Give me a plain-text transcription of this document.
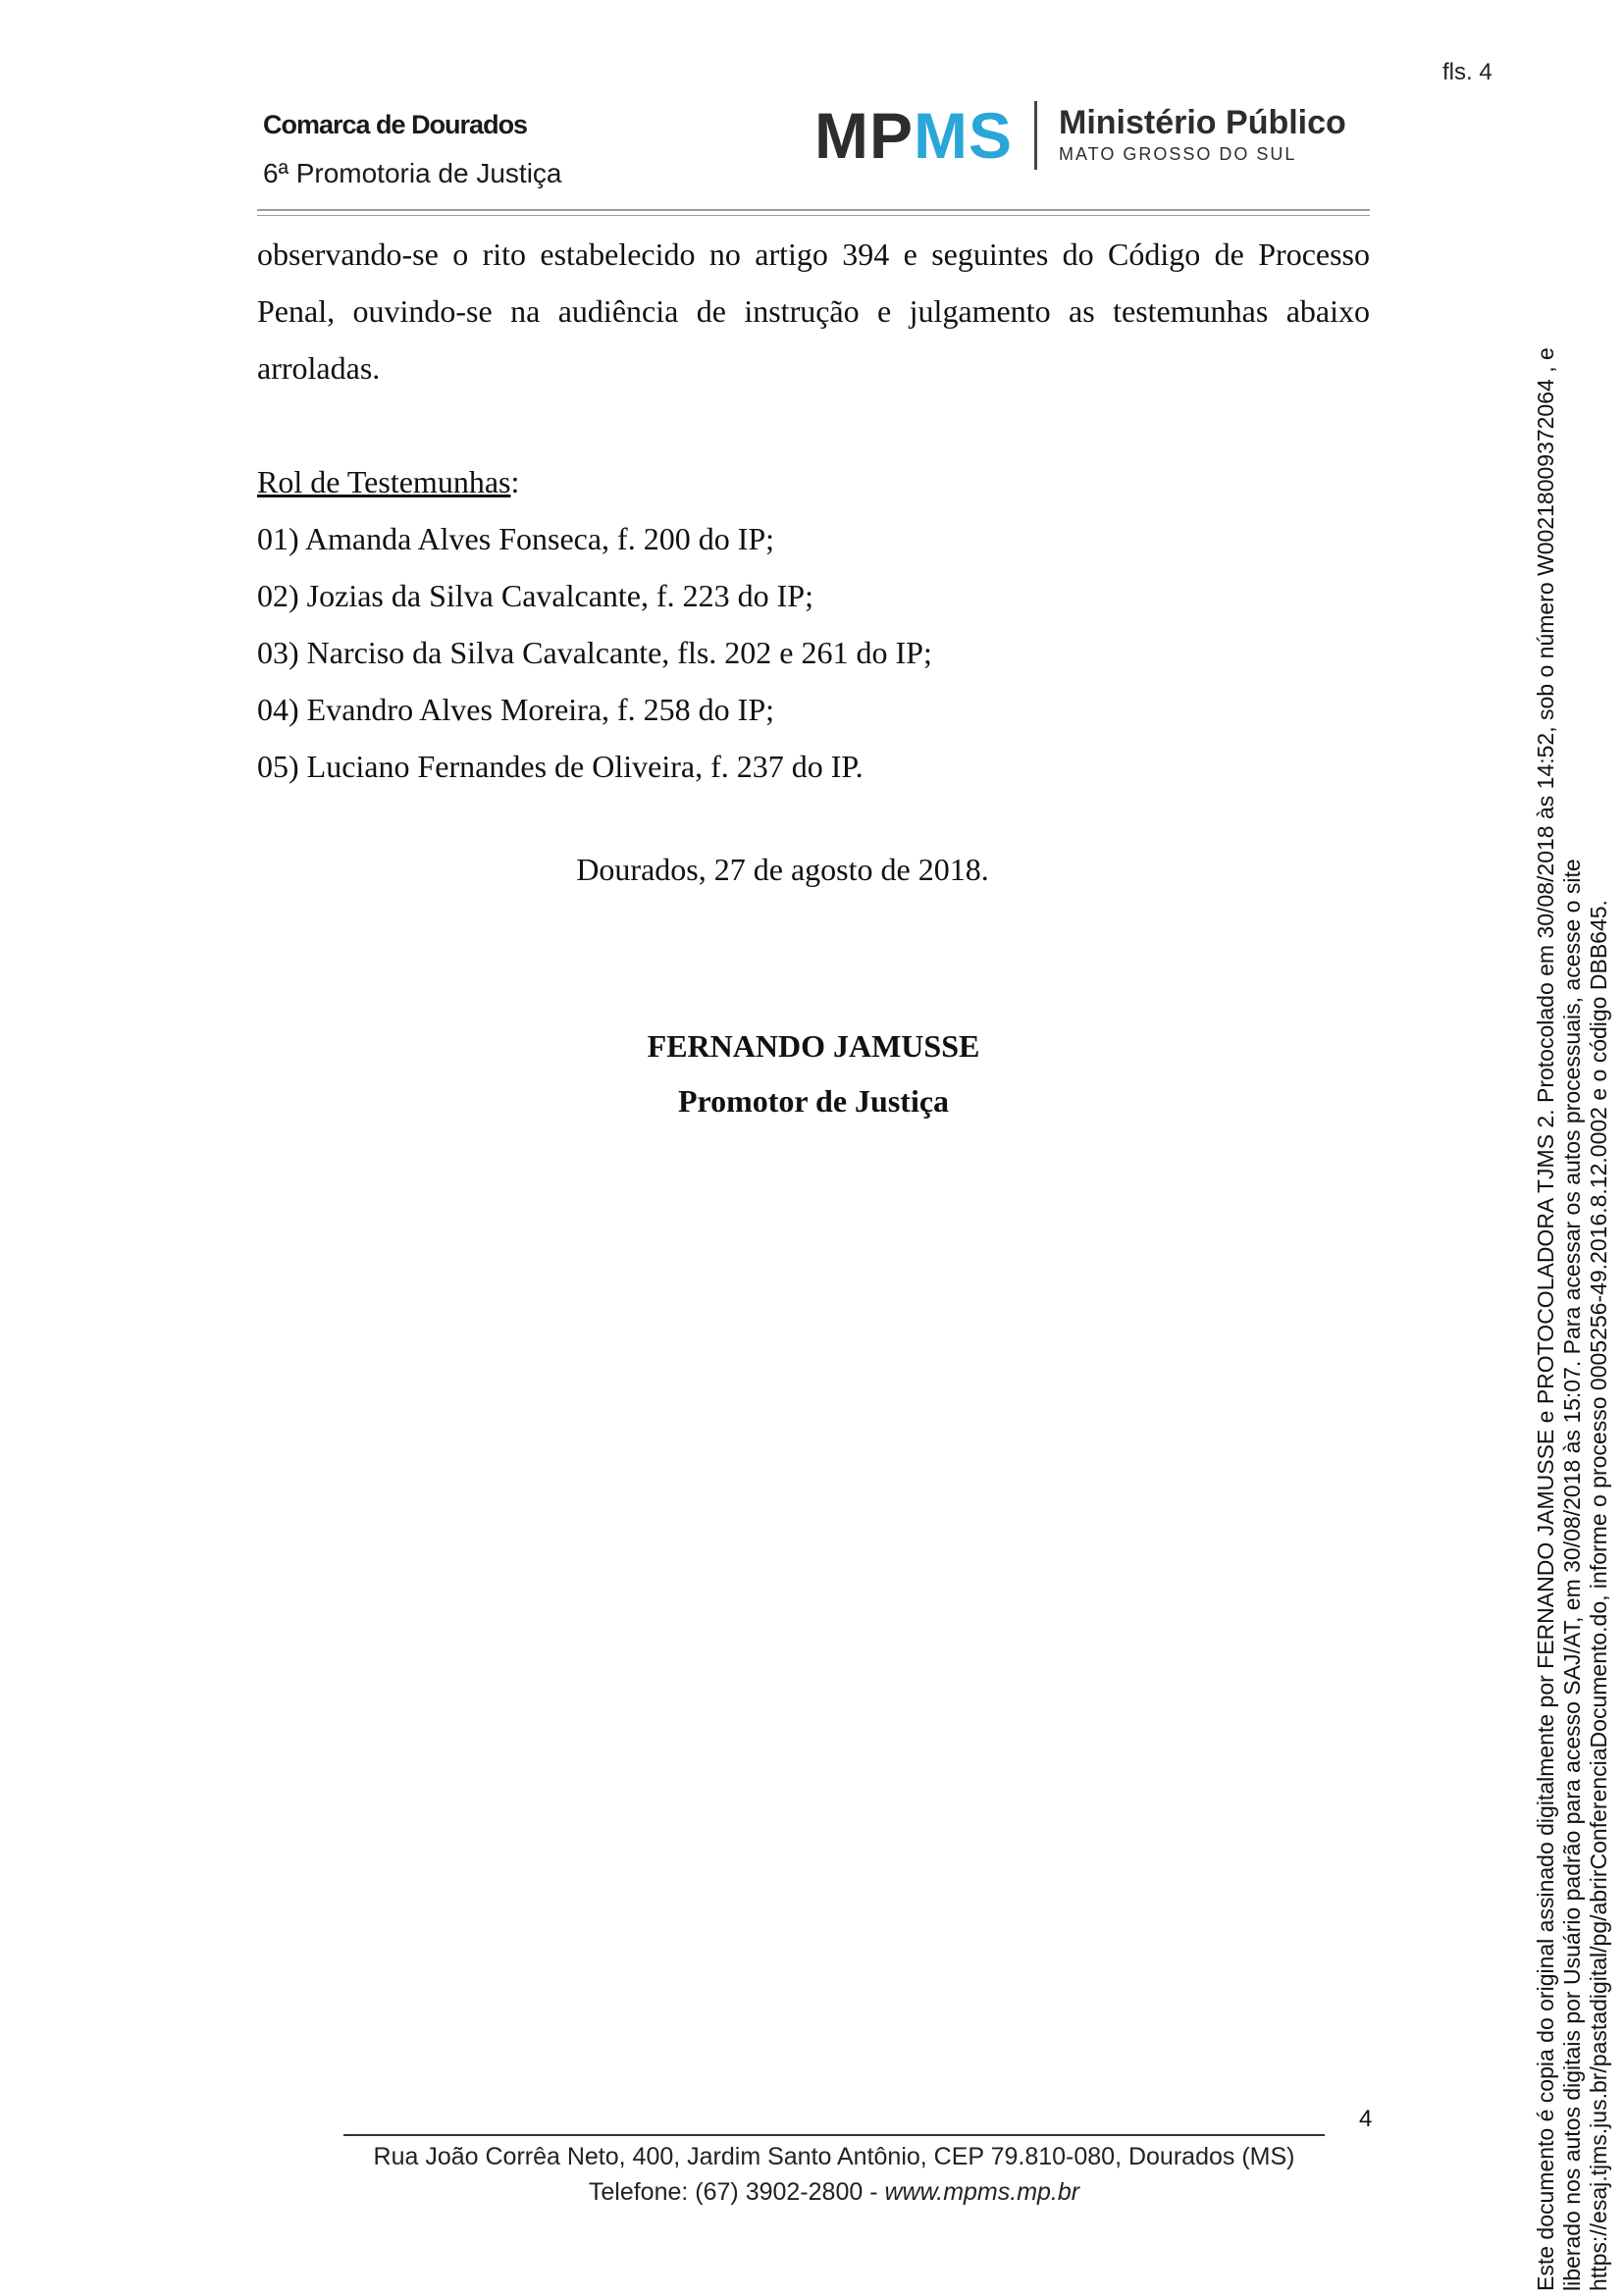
fls. 4
Comarca de Dourados
6ª Promotoria de Justiça
MPMS Ministério Público
MATO GROSSO DO SUL
observando-se o rito estabelecido no artigo 394 e seguintes do Código de Processo Penal, ouvindo-se na audiência de instrução e julgamento as testemunhas abaixo arroladas.
Rol de Testemunhas:
01) Amanda Alves Fonseca, f. 200 do IP;
02) Jozias da Silva Cavalcante, f. 223 do IP;
03) Narciso da Silva Cavalcante, fls. 202 e 261 do IP;
04) Evandro Alves Moreira, f. 258 do IP;
05) Luciano Fernandes de Oliveira, f. 237 do IP.
Dourados, 27 de agosto de 2018.
FERNANDO JAMUSSE
Promotor de Justiça
4
Rua João Corrêa Neto, 400, Jardim Santo Antônio, CEP 79.810-080, Dourados (MS)
Telefone: (67) 3902-2800 - www.mpms.mp.br	Este documento é copia do original assinado digitalmente por FERNANDO JAMUSSE e PROTOCOLADORA TJMS 2. Protocolado em 30/08/2018 às 14:52, sob o número W00218009372064 , e liberado nos autos digitais por Usuário padrão para acesso SAJ/AT, em 30/08/2018 às 15:07. Para acessar os autos processuais, acesse o site https://esaj.tjms.jus.br/pastadigital/pg/abrirConferenciaDocumento.do, informe o processo 0005256-49.2016.8.12.0002 e o código DBB645.
